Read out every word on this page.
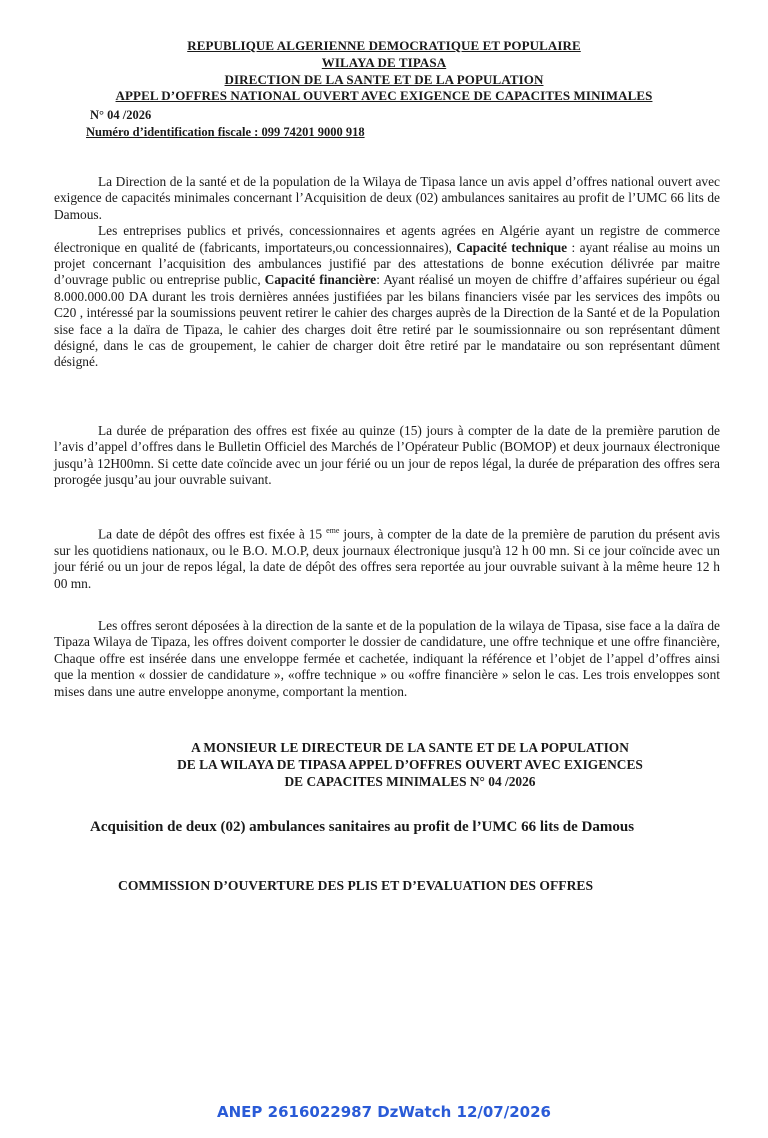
REPUBLIQUE ALGERIENNE DEMOCRATIQUE ET POPULAIRE
WILAYA DE TIPASA
DIRECTION DE LA SANTE ET DE LA POPULATION
APPEL D’OFFRES NATIONAL OUVERT AVEC EXIGENCE DE CAPACITES MINIMALES
N° 04 /2026
Numéro d’identification fiscale : 099 74201 9000 918

La Direction de la santé et de la population de la Wilaya de Tipasa lance un avis appel d’offres national ouvert avec exigence de capacités minimales concernant l’Acquisition de deux (02) ambulances sanitaires au profit de l’UMC 66 lits de Damous.

Les entreprises publics et privés, concessionnaires et agents agrées en Algérie ayant un registre de commerce électronique en qualité de (fabricants, importateurs,ou concessionnaires), Capacité technique : ayant réalise au moins un projet concernant l’acquisition des ambulances justifié par des attestations de bonne exécution délivrée par maitre d’ouvrage public ou entreprise public, Capacité financière: Ayant réalisé un moyen de chiffre d’affaires supérieur ou égal 8.000.000.00 DA durant les trois dernières années justifiées par les bilans financiers visée par les services des impôts ou C20 , intéressé par la soumissions peuvent retirer le cahier des charges auprès de la Direction de la Santé et de la Population sise face a la daïra de Tipaza, le cahier des charges doit être retiré par le soumissionnaire ou son représentant dûment désigné, dans le cas de groupement, le cahier de charger doit être retiré par le mandataire ou son représentant dûment désigné.

La durée de préparation des offres est fixée au quinze (15) jours à compter de la date de la première parution de l’avis d’appel d’offres dans le Bulletin Officiel des Marchés de l’Opérateur Public (BOMOP) et deux journaux électronique jusqu’à 12H00mn. Si cette date coïncide avec un jour férié ou un jour de repos légal, la durée de préparation des offres sera prorogée jusqu’au jour ouvrable suivant.

La date de dépôt des offres est fixée à 15 $^{eme}$ jours, à compter de la date de la première de parution du présent avis sur les quotidiens nationaux, ou le B.O. M.O.P, deux journaux électronique jusqu'à 12 h 00 mn. Si ce jour coïncide avec un jour férié ou un jour de repos légal, la date de dépôt des offres sera reportée au jour ouvrable suivant à la même heure 12 h 00 mn.

Les offres seront déposées à la direction de la sante et de la population de la wilaya de Tipasa, sise face a la daïra de Tipaza Wilaya de Tipaza, les offres doivent comporter le dossier de candidature, une offre technique et une offre financière, Chaque offre est insérée dans une enveloppe fermée et cachetée, indiquant la référence et l’objet de l’appel d’offres ainsi que la mention « dossier de candidature », «offre technique » ou «offre financière » selon le cas. Les trois enveloppes sont mises dans une autre enveloppe anonyme, comportant la mention.

A MONSIEUR LE DIRECTEUR DE LA SANTE ET DE LA POPULATION
DE LA WILAYA DE TIPASA APPEL D’OFFRES OUVERT AVEC EXIGENCES
DE CAPACITES MINIMALES N° 04 /2026
Acquisition de deux (02) ambulances sanitaires au profit de l’UMC 66 lits de Damous
COMMISSION D’OUVERTURE DES PLIS ET D’EVALUATION DES OFFRES
ANEP 2616022987 DzWatch 12/07/2026
